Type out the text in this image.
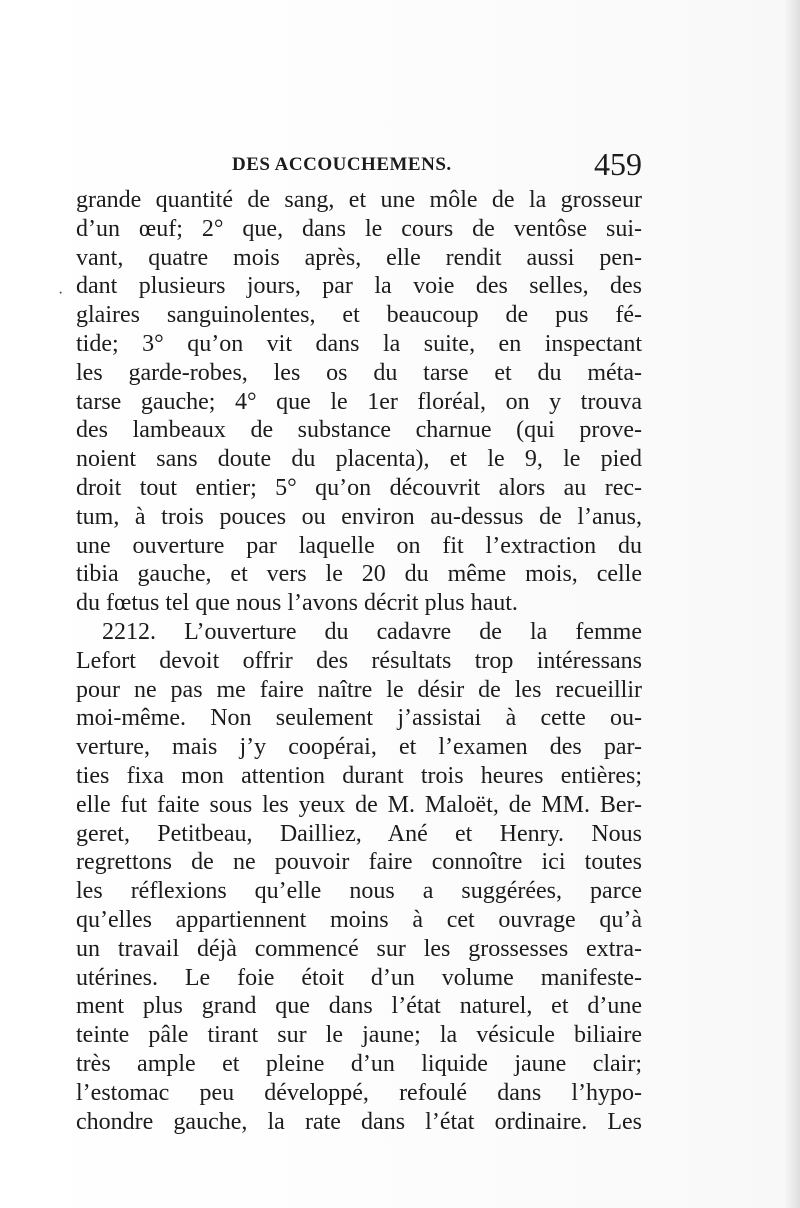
DES ACCOUCHEMENS.	459
·
grande quantité de sang, et une môle de la grosseur
d’un œuf; 2° que, dans le cours de ventôse sui-
vant, quatre mois après, elle rendit aussi pen-
dant plusieurs jours, par la voie des selles, des
glaires sanguinolentes, et beaucoup de pus fé-
tide; 3° qu’on vit dans la suite, en inspectant
les garde-robes, les os du tarse et du méta-
tarse gauche; 4° que le 1er floréal, on y trouva
des lambeaux de substance charnue (qui prove-
noient sans doute du placenta), et le 9, le pied
droit tout entier; 5° qu’on découvrit alors au rec-
tum, à trois pouces ou environ au-dessus de l’anus,
une ouverture par laquelle on fit l’extraction du
tibia gauche, et vers le 20 du même mois, celle
du fœtus tel que nous l’avons décrit plus haut.
2212. L’ouverture du cadavre de la femme
Lefort devoit offrir des résultats trop intéressans
pour ne pas me faire naître le désir de les recueillir
moi-même. Non seulement j’assistai à cette ou-
verture, mais j’y coopérai, et l’examen des par-
ties fixa mon attention durant trois heures entières;
elle fut faite sous les yeux de M. Maloët, de MM. Ber-
geret, Petitbeau, Dailliez, Ané et Henry. Nous
regrettons de ne pouvoir faire connoître ici toutes
les réflexions qu’elle nous a suggérées, parce
qu’elles appartiennent moins à cet ouvrage qu’à
un travail déjà commencé sur les grossesses extra-
utérines. Le foie étoit d’un volume manifeste-
ment plus grand que dans l’état naturel, et d’une
teinte pâle tirant sur le jaune; la vésicule biliaire
très ample et pleine d’un liquide jaune clair;
l’estomac peu développé, refoulé dans l’hypo-
chondre gauche, la rate dans l’état ordinaire. Les
